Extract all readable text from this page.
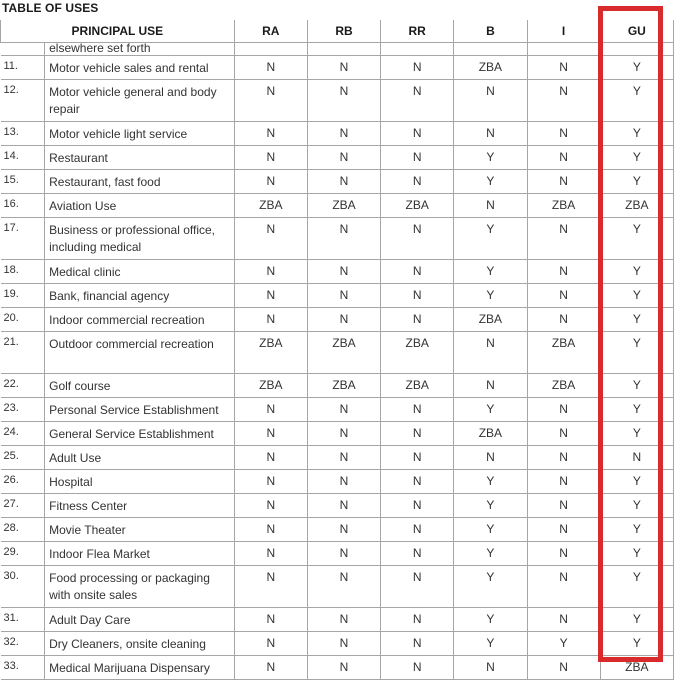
TABLE OF USES
PRINCIPAL USE		RA	RB	RR	B	I	GU
	elsewhere set forth						
11.	Motor vehicle sales and rental	N	N	N	ZBA	N	Y
12.	Motor vehicle general and body repair	N	N	N	N	N	Y
13.	Motor vehicle light service	N	N	N	N	N	Y
14.	Restaurant	N	N	N	Y	N	Y
15.	Restaurant, fast food	N	N	N	Y	N	Y
16.	Aviation Use	ZBA	ZBA	ZBA	N	ZBA	ZBA
17.	Business or professional office, including medical	N	N	N	Y	N	Y
18.	Medical clinic	N	N	N	Y	N	Y
19.	Bank, financial agency	N	N	N	Y	N	Y
20.	Indoor commercial recreation	N	N	N	ZBA	N	Y
21.	Outdoor commercial recreation	ZBA	ZBA	ZBA	N	ZBA	Y
22.	Golf course	ZBA	ZBA	ZBA	N	ZBA	Y
23.	Personal Service Establishment	N	N	N	Y	N	Y
24.	General Service Establishment	N	N	N	ZBA	N	Y
25.	Adult Use	N	N	N	N	N	N
26.	Hospital	N	N	N	Y	N	Y
27.	Fitness Center	N	N	N	Y	N	Y
28.	Movie Theater	N	N	N	Y	N	Y
29.	Indoor Flea Market	N	N	N	Y	N	Y
30.	Food processing or packaging with onsite sales	N	N	N	Y	N	Y
31.	Adult Day Care	N	N	N	Y	N	Y
32.	Dry Cleaners, onsite cleaning	N	N	N	Y	Y	Y
33.	Medical Marijuana Dispensary	N	N	N	N	N	ZBA
